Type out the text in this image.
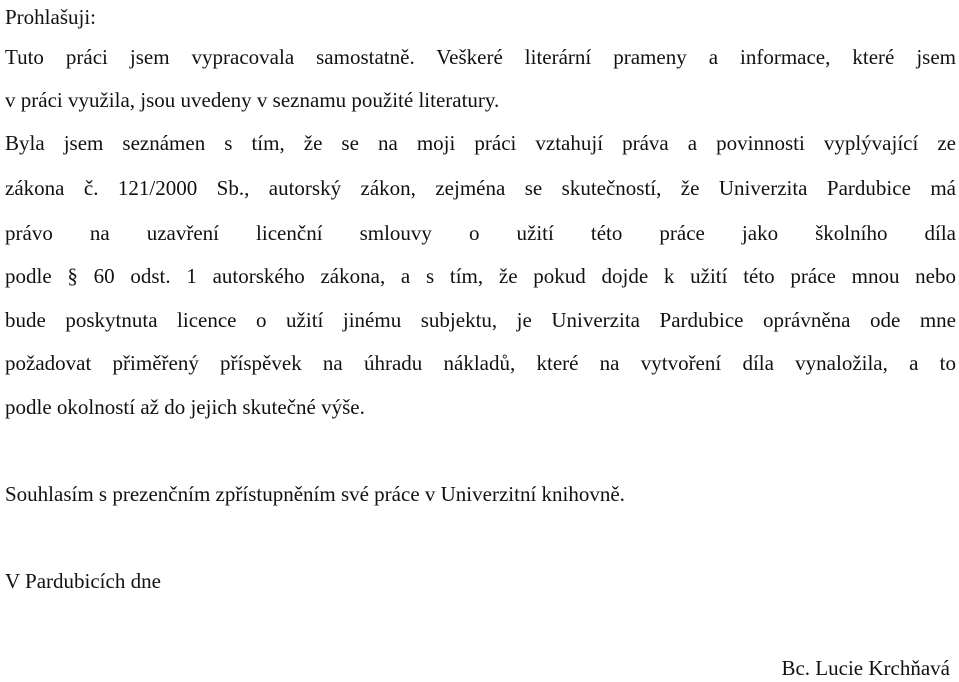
Prohlašuji:
Tuto práci jsem vypracovala samostatně. Veškeré literární prameny a informace, které jsem
v práci využila, jsou uvedeny v seznamu použité literatury.
Byla jsem seznámen s tím, že se na moji práci vztahují práva a povinnosti vyplývající ze
zákona č. 121/2000 Sb., autorský zákon, zejména se skutečností, že Univerzita Pardubice má
právo na uzavření licenční smlouvy o užití této práce jako školního díla
podle § 60 odst. 1 autorského zákona, a s tím, že pokud dojde k užití této práce mnou nebo
bude poskytnuta licence o užití jinému subjektu, je Univerzita Pardubice oprávněna ode mne
požadovat přiměřený příspěvek na úhradu nákladů, které na vytvoření díla vynaložila, a to
podle okolností až do jejich skutečné výše.
Souhlasím s prezenčním zpřístupněním své práce v Univerzitní knihovně.
V Pardubicích dne
Bc. Lucie Krchňavá
